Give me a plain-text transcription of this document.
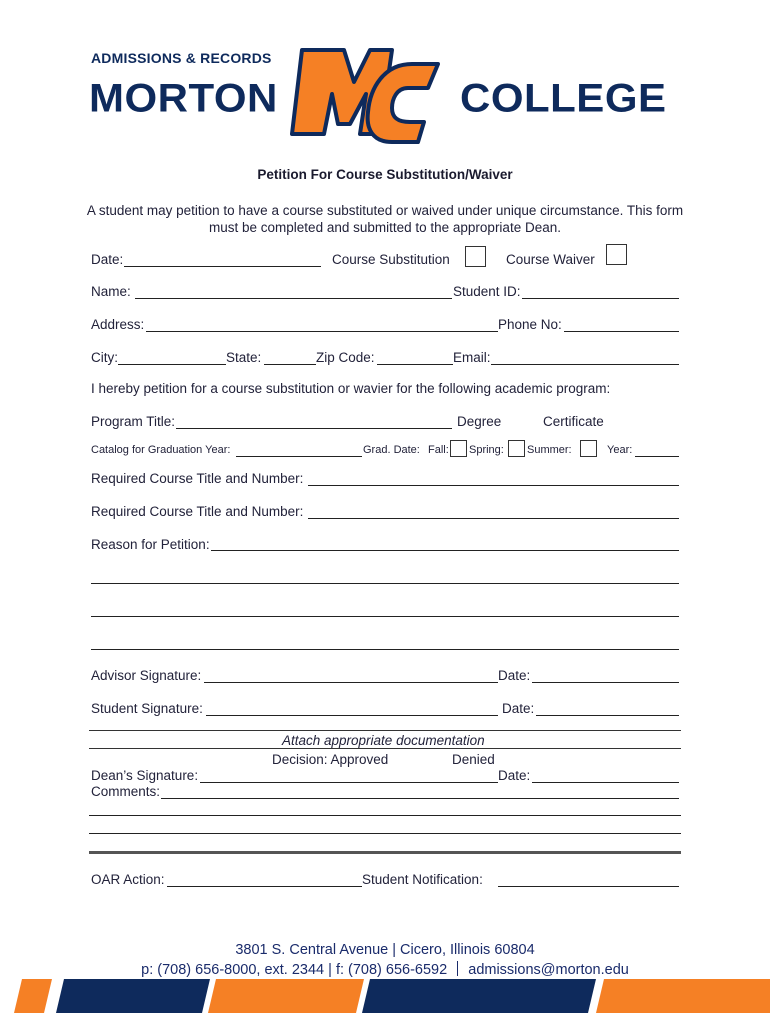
ADMISSIONS & RECORDS
MORTON	COLLEGE
Petition For Course Substitution/Waiver
A student may petition to have a course substituted or waived under unique circumstance. This form must be completed and submitted to the appropriate Dean.
Date:	Course Substitution	Course Waiver
Name:	Student ID:
Address:	Phone No:
City:	State:	Zip Code:	Email:
I hereby petition for a course substitution or wavier for the following academic program:
Program Title:	Degree	Certificate
Catalog for Graduation Year:	Grad. Date: Fall: Spring: Summer:	Year:
Required Course Title and Number:
Required Course Title and Number:
Reason for Petition:
Advisor Signature:	Date:
Student Signature:	Date:
Attach appropriate documentation
Decision: Approved	Denied
Dean’s Signature:	Date:
Comments:
OAR Action:	Student Notification:
3801 S. Central Avenue | Cicero, Illinois 60804
p: (708) 656-8000, ext. 2344 | f: (708) 656-6592 admissions@morton.edu
